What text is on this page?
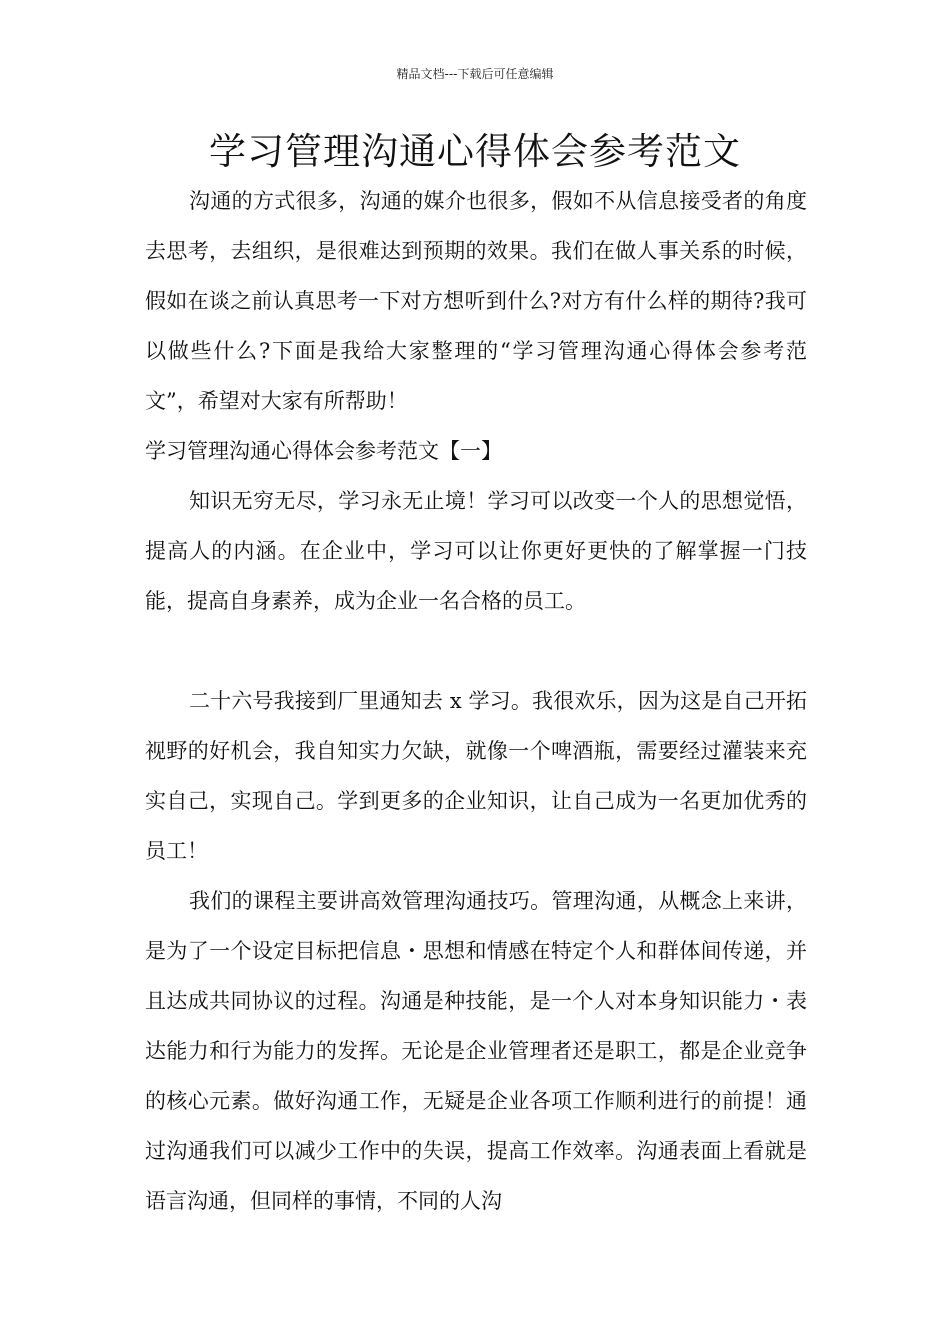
精品文档---下载后可任意编辑
学习管理沟通心得体会参考范文

沟通的方式很多，沟通的媒介也很多，假如不从信息接受者的角度去思考，去组织，是很难达到预期的效果。我们在做人事关系的时候，假如在谈之前认真思考一下对方想听到什么?对方有什么样的期待?我可以做些什么?下面是我给大家整理的“学习管理沟通心得体会参考范文”，希望对大家有所帮助！

学习管理沟通心得体会参考范文【一】

知识无穷无尽，学习永无止境！学习可以改变一个人的思想觉悟，提高人的内涵。在企业中，学习可以让你更好更快的了解掌握一门技能，提高自身素养，成为企业一名合格的员工。

二十六号我接到厂里通知去 x 学习。我很欢乐，因为这是自己开拓视野的好机会，我自知实力欠缺，就像一个啤酒瓶，需要经过灌装来充实自己，实现自己。学到更多的企业知识，让自己成为一名更加优秀的员工！

我们的课程主要讲高效管理沟通技巧。管理沟通，从概念上来讲，是为了一个设定目标把信息・思想和情感在特定个人和群体间传递，并且达成共同协议的过程。沟通是种技能，是一个人对本身知识能力・表达能力和行为能力的发挥。无论是企业管理者还是职工，都是企业竞争的核心元素。做好沟通工作，无疑是企业各项工作顺利进行的前提！通过沟通我们可以减少工作中的失误，提高工作效率。沟通表面上看就是语言沟通，但同样的事情，不同的人沟
